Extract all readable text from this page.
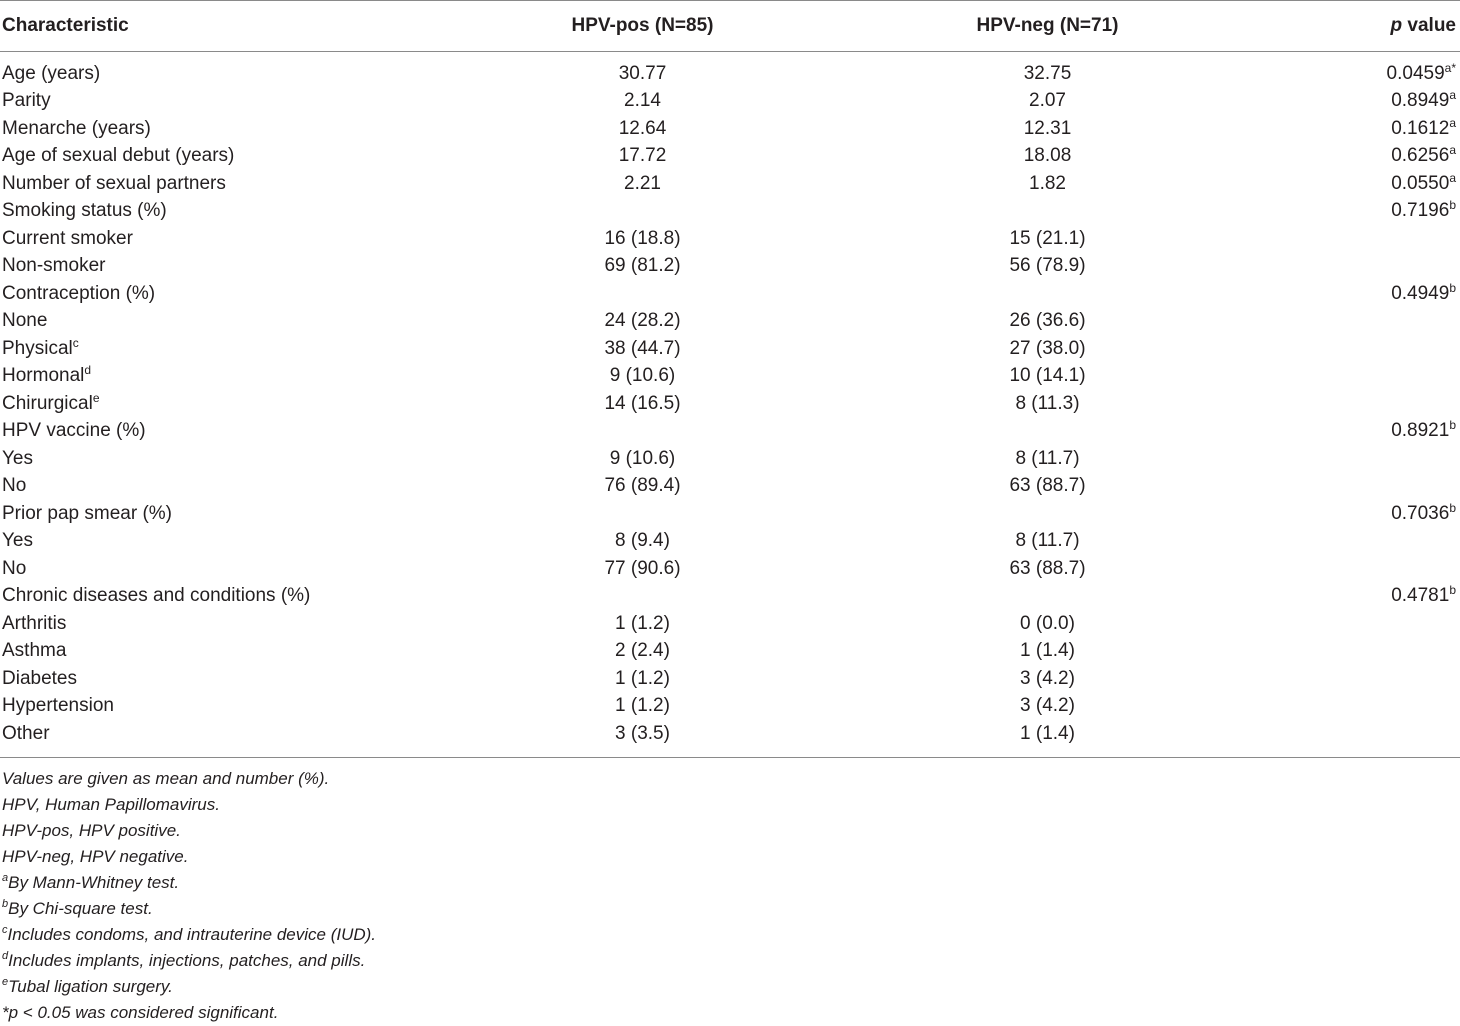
Characteristic	HPV-pos (N=85)	HPV-neg (N=71)	p value
Age (years)	30.77	32.75	$0.0459^{a*}$
Parity	2.14	2.07	0.8949$^a$
Menarche (years)	12.64	12.31	0.1612$^a$
Age of sexual debut (years)	17.72	18.08	0.6256$^a$
Number of sexual partners	2.21	1.82	0.0550$^a$
Smoking status (%)			0.7196$^b$
Current smoker	16 (18.8)	15 (21.1)	
Non-smoker	69 (81.2)	56 (78.9)	
Contraception (%)			0.4949$^b$
None	24 (28.2)	26 (36.6)	
Physical$^c$	38 (44.7)	27 (38.0)	
Hormonal$^d$	9 (10.6)	10 (14.1)	
Chirurgical$^e$	14 (16.5)	8 (11.3)	
HPV vaccine (%)			0.8921$^b$
Yes	9 (10.6)	8 (11.7)	
No	76 (89.4)	63 (88.7)	
Prior pap smear (%)			0.7036$^b$
Yes	8 (9.4)	8 (11.7)	
No	77 (90.6)	63 (88.7)	
Chronic diseases and conditions (%)			0.4781$^b$
Arthritis	1 (1.2)	0 (0.0)	
Asthma	2 (2.4)	1 (1.4)	
Diabetes	1 (1.2)	3 (4.2)	
Hypertension	1 (1.2)	3 (4.2)	
Other	3 (3.5)	1 (1.4)	
Values are given as mean and number (%).
HPV, Human Papillomavirus.
HPV-pos, HPV positive.
HPV-neg, HPV negative.
$^a$By Mann-Whitney test.
$^b$By Chi-square test.
$^c$Includes condoms, and intrauterine device (IUD).
$^d$Includes implants, injections, patches, and pills.
$^e$Tubal ligation surgery.
*p < 0.05 was considered significant.
